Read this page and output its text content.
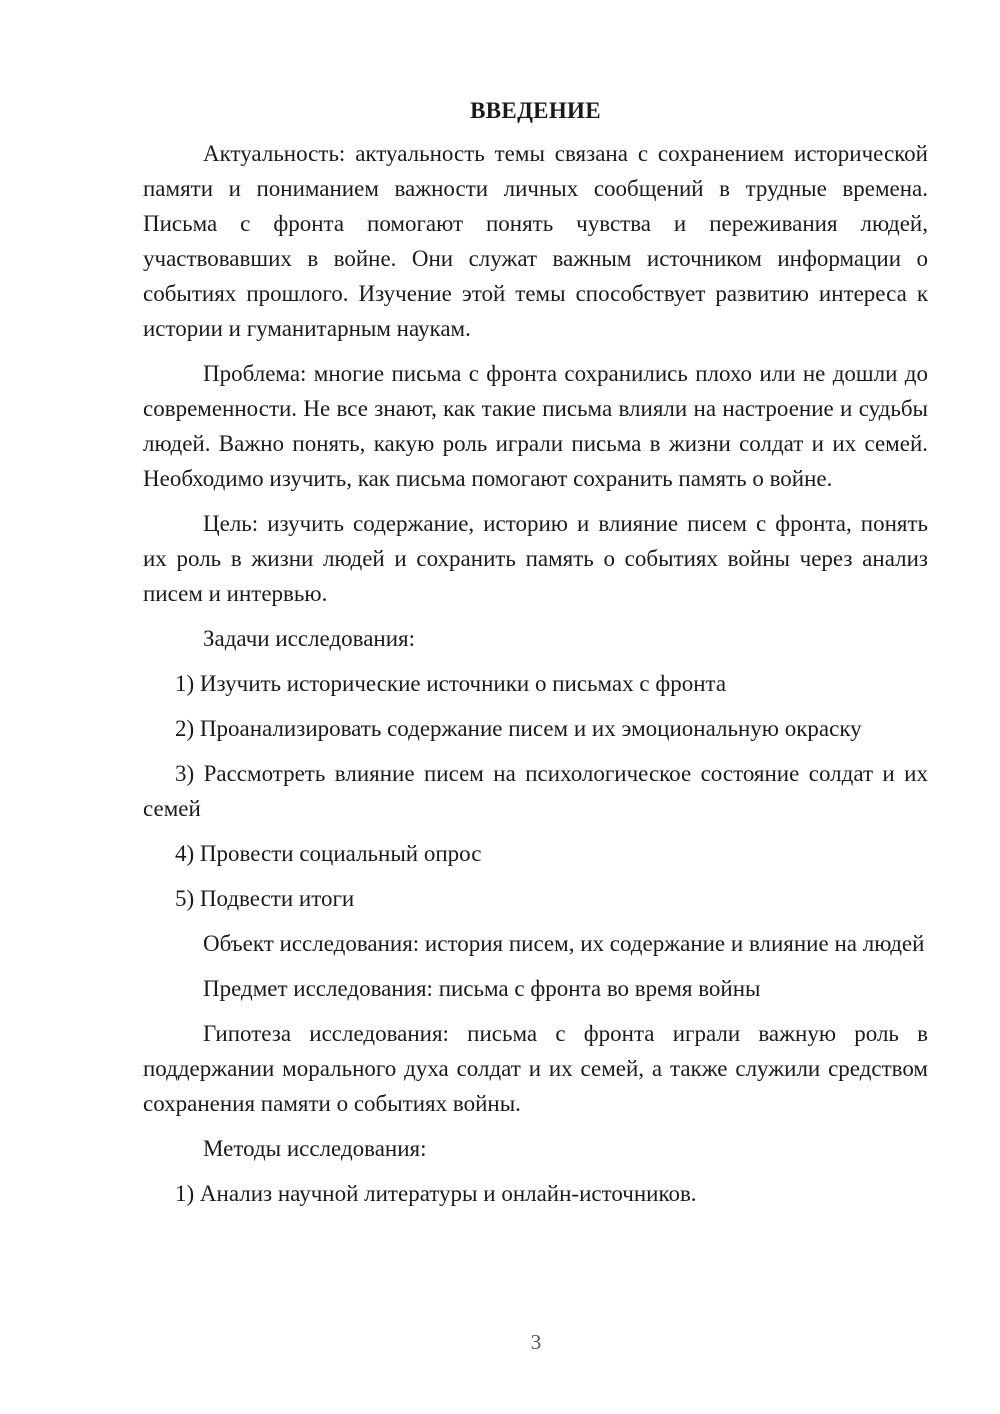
ВВЕДЕНИЕ

Актуальность: актуальность темы связана с сохранением исторической памяти и пониманием важности личных сообщений в трудные времена. Письма с фронта помогают понять чувства и переживания людей, участвовавших в войне. Они служат важным источником информации о событиях прошлого. Изучение этой темы способствует развитию интереса к истории и гуманитарным наукам.

Проблема: многие письма с фронта сохранились плохо или не дошли до современности. Не все знают, как такие письма влияли на настроение и судьбы людей. Важно понять, какую роль играли письма в жизни солдат и их семей. Необходимо изучить, как письма помогают сохранить память о войне.

Цель: изучить содержание, историю и влияние писем с фронта, понять их роль в жизни людей и сохранить память о событиях войны через анализ писем и интервью.

Задачи исследования:

1) Изучить исторические источники о письмах с фронта

2) Проанализировать содержание писем и их эмоциональную окраску

3) Рассмотреть влияние писем на психологическое состояние солдат и их семей

4) Провести социальный опрос

5) Подвести итоги

Объект исследования: история писем, их содержание и влияние на людей

Предмет исследования: письма с фронта во время войны

Гипотеза исследования: письма с фронта играли важную роль в поддержании морального духа солдат и их семей, а также служили средством сохранения памяти о событиях войны.

Методы исследования:

1) Анализ научной литературы и онлайн-источников.

3
